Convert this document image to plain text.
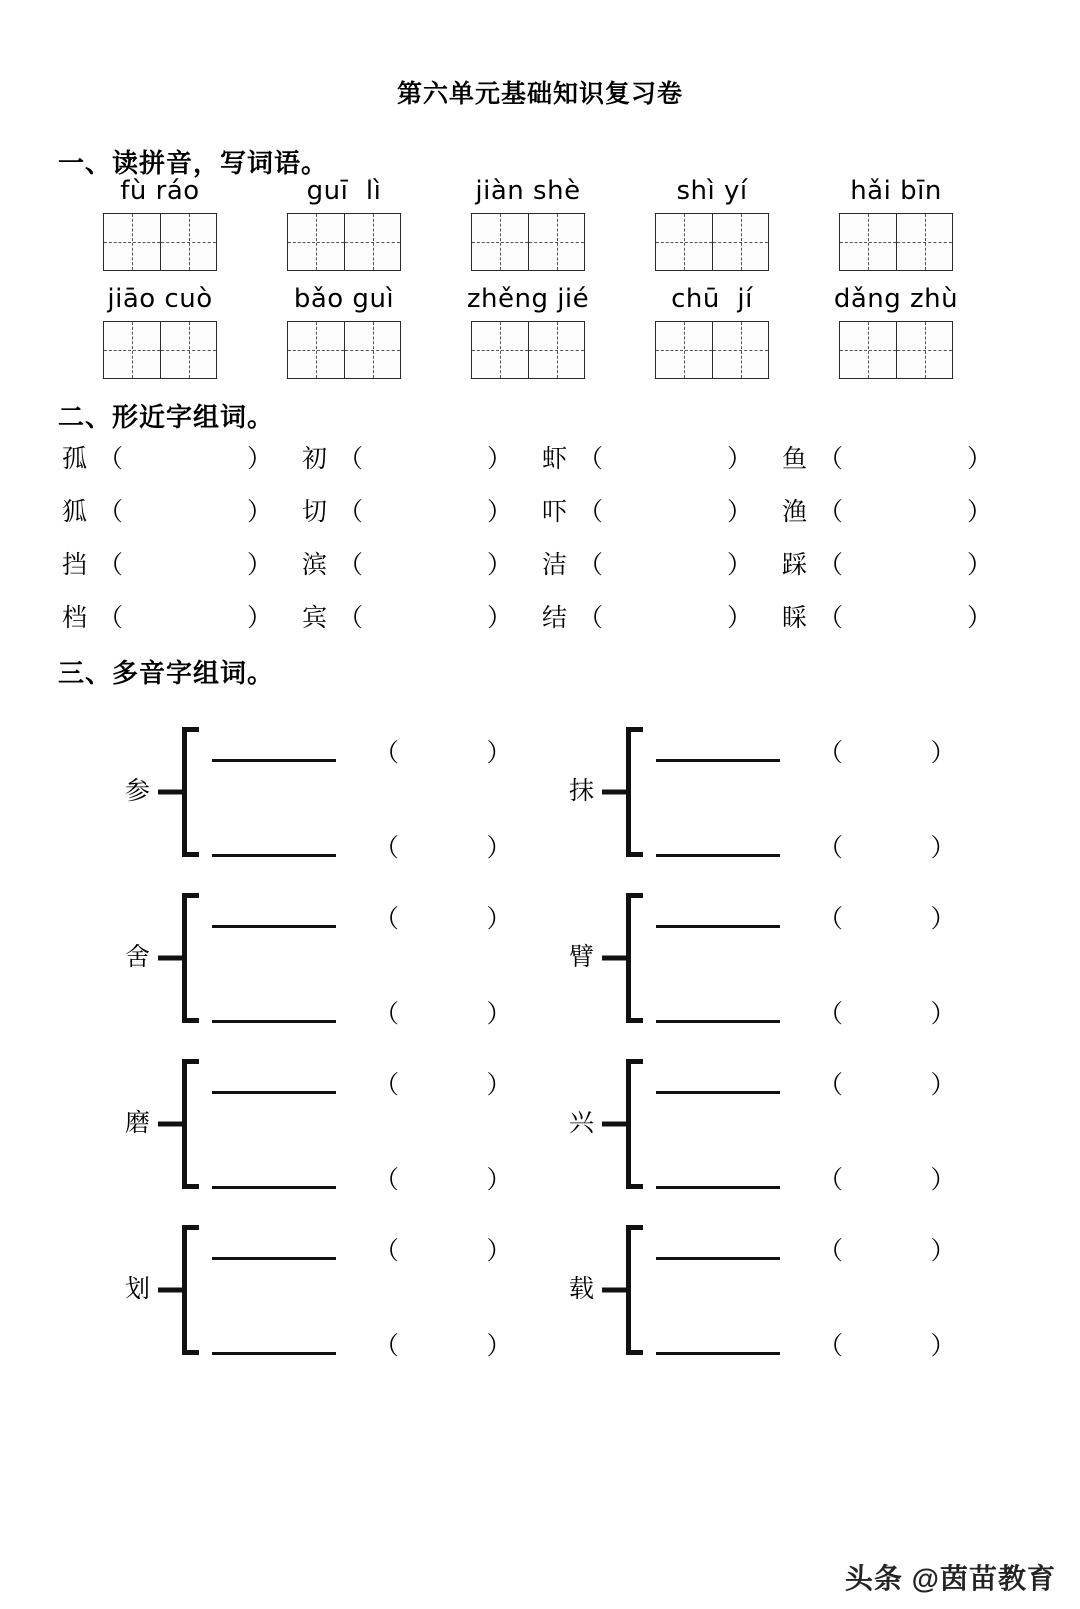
第六单元基础知识复习卷
一、读拼音，写词语。
fù ráo	guī  lì	jiàn shè	shì yí	hǎi bīn
jiāo cuò	bǎo guì	zhěng jié	chū  jí	dǎng zhù
二、形近字组词。
孤 （	） 初 （	） 虾 （	） 鱼 （	）
狐 （	） 切 （	） 吓 （	） 渔 （	）
挡 （	） 滨 （	） 洁 （	） 踩 （	）
档 （	） 宾 （	） 结 （	） 睬 （	）
三、多音字组词。
参
（              ）
（              ）
抹
（              ）
（              ）
舍
（              ）
（              ）
臂
（              ）
（              ）
磨
（              ）
（              ）
兴
（              ）
（              ）
划
（              ）
（              ）
载
（              ）
（              ）
头条 @茵苗教育
